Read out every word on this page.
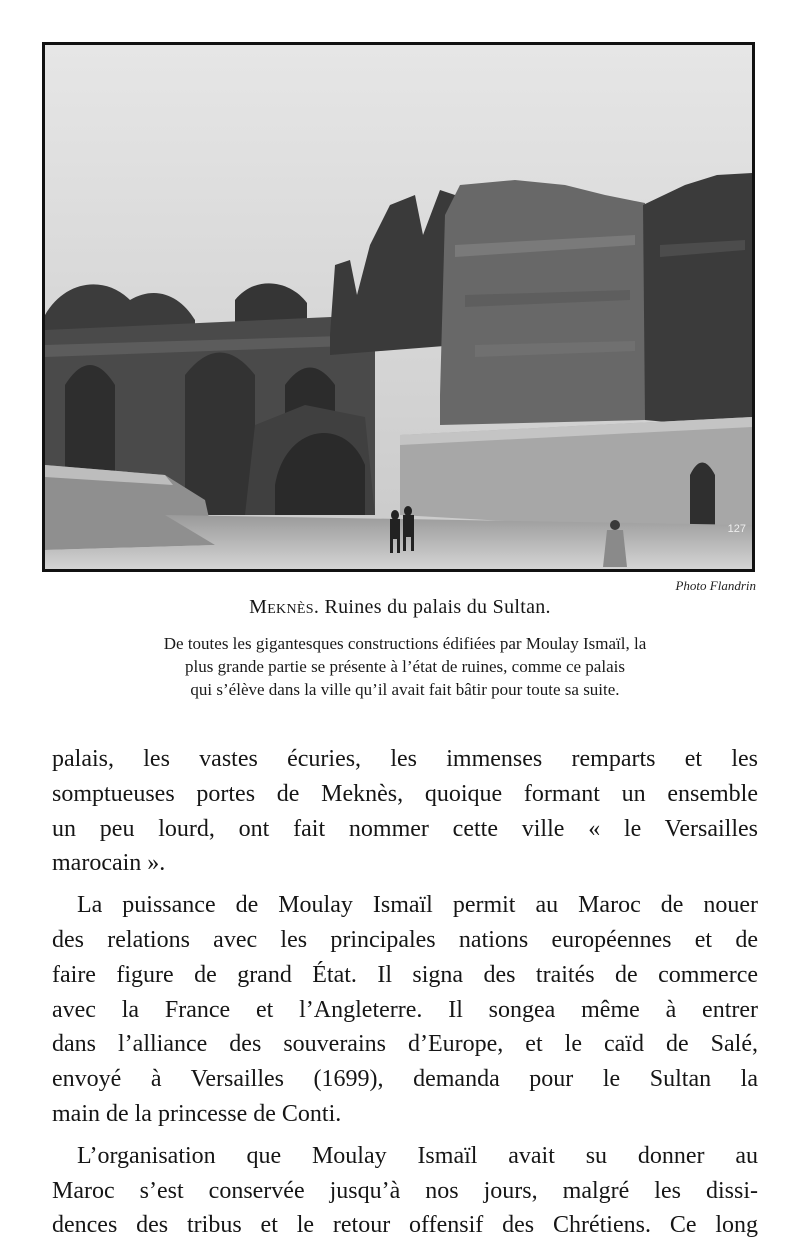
127
Photo Flandrin
Meknès. Ruines du palais du Sultan.
De toutes les gigantesques constructions édifiées par Moulay Ismaïl, la
plus grande partie se présente à l’état de ruines, comme ce palais
qui s’élève dans la ville qu’il avait fait bâtir pour toute sa suite.

palais, les vastes écuries, les immenses remparts et les
somptueuses portes de Meknès, quoique formant un ensemble
un peu lourd, ont fait nommer cette ville « le Versailles
marocain ».

La puissance de Moulay Ismaïl permit au Maroc de nouer
des relations avec les principales nations européennes et de
faire figure de grand État. Il signa des traités de commerce
avec la France et l’Angleterre. Il songea même à entrer
dans l’alliance des souverains d’Europe, et le caïd de Salé,
envoyé à Versailles (1699), demanda pour le Sultan la
main de la princesse de Conti.

L’organisation que Moulay Ismaïl avait su donner au
Maroc s’est conservée jusqu’à nos jours, malgré les dissi-
dences des tribus et le retour offensif des Chrétiens. Ce long
